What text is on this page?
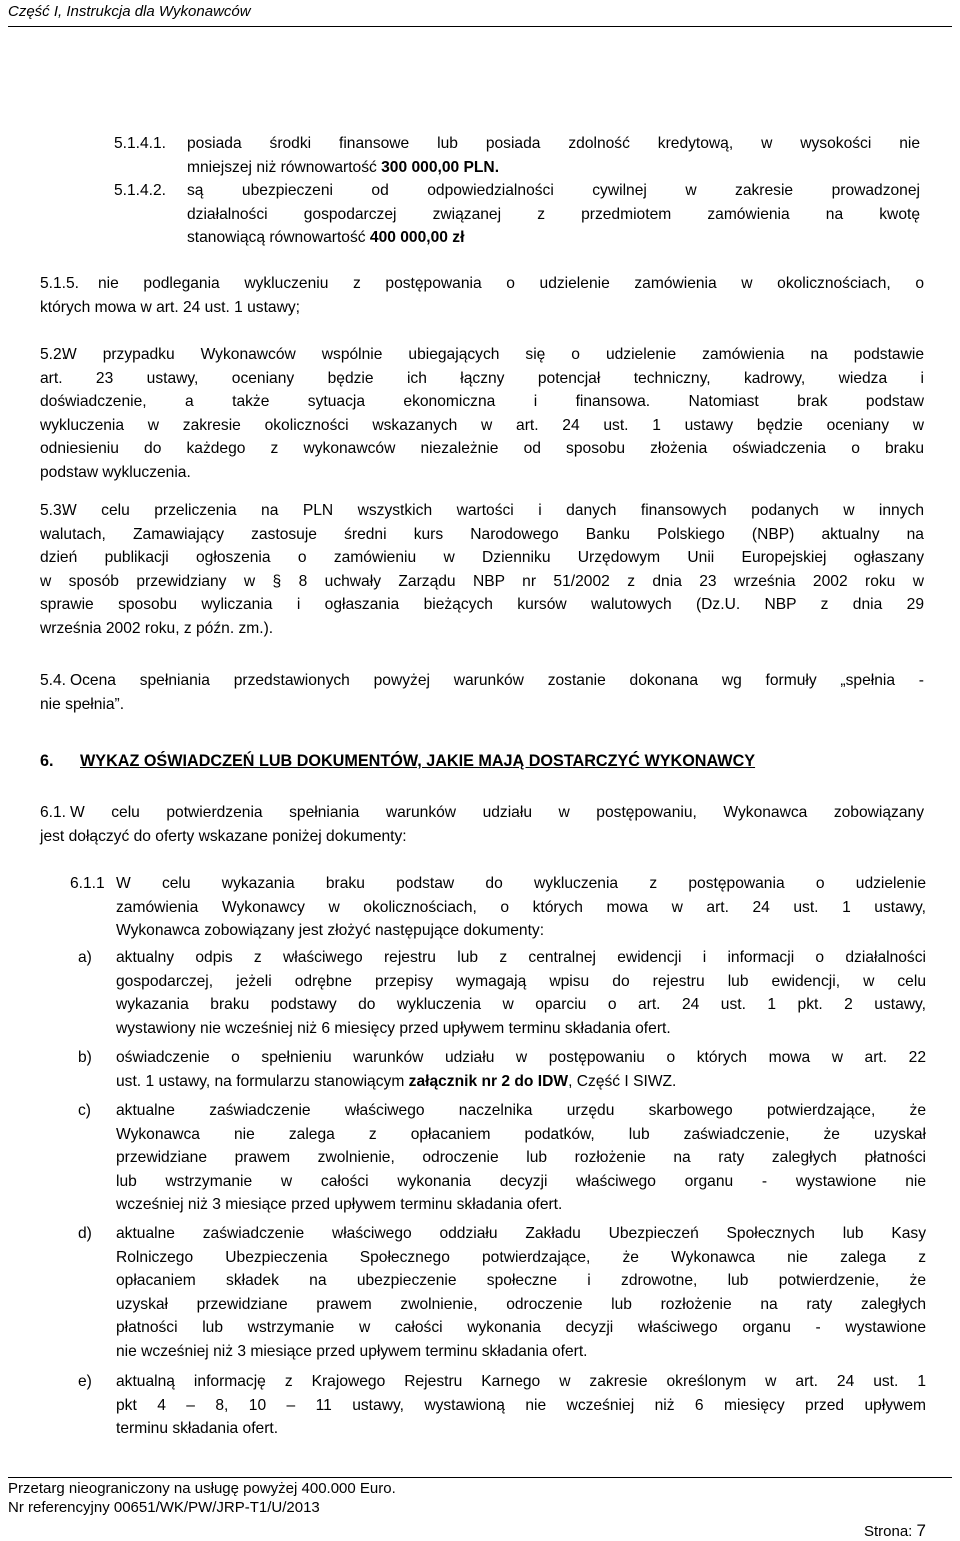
Część I, Instrukcja dla Wykonawców
5.1.4.1. posiada środki finansowe lub posiada zdolność kredytową, w wysokości nie
mniejszej niż równowartość 300 000,00 PLN.
5.1.4.2. są ubezpieczeni od odpowiedzialności cywilnej w zakresie prowadzonej
działalności gospodarczej związanej z przedmiotem zamówienia na kwotę
stanowiącą równowartość 400 000,00 zł
5.1.5.	nie podlegania wykluczeniu z postępowania o udzielenie zamówienia w okolicznościach, o
których mowa w art. 24 ust. 1 ustawy;
5.2.
W przypadku Wykonawców wspólnie ubiegających się o udzielenie zamówienia na podstawie
art. 23 ustawy, oceniany będzie ich łączny potencjał techniczny, kadrowy, wiedza i
doświadczenie, a także sytuacja ekonomiczna i finansowa. Natomiast brak podstaw
wykluczenia w zakresie okoliczności wskazanych w art. 24 ust. 1 ustawy będzie oceniany w
odniesieniu do każdego z wykonawców niezależnie od sposobu złożenia oświadczenia o braku
podstaw wykluczenia.
5.3.
W celu przeliczenia na PLN wszystkich wartości i danych finansowych podanych w innych
walutach, Zamawiający zastosuje średni kurs Narodowego Banku Polskiego (NBP) aktualny na
dzień publikacji ogłoszenia o zamówieniu w Dzienniku Urzędowym Unii Europejskiej ogłaszany
w sposób przewidziany w § 8 uchwały Zarządu NBP nr 51/2002 z dnia 23 września 2002 roku w
sprawie sposobu wyliczania i ogłaszania bieżących kursów walutowych (Dz.U. NBP z dnia 29
września 2002 roku, z późn. zm.).
5.4. Ocena spełniania przedstawionych powyżej warunków zostanie dokonana wg formuły „spełnia -
nie spełnia”.
6. WYKAZ OŚWIADCZEŃ LUB DOKUMENTÓW, JAKIE MAJĄ DOSTARCZYĆ WYKONAWCY
6.1. W celu potwierdzenia spełniania warunków udziału w postępowaniu, Wykonawca zobowiązany
jest dołączyć do oferty wskazane poniżej dokumenty:
6.1.1 W celu wykazania braku podstaw do wykluczenia z postępowania o udzielenie
zamówienia Wykonawcy w okolicznościach, o których mowa w art. 24 ust. 1 ustawy,
Wykonawca zobowiązany jest złożyć następujące dokumenty:
a) aktualny odpis z właściwego rejestru lub z centralnej ewidencji i informacji o działalności
gospodarczej, jeżeli odrębne przepisy wymagają wpisu do rejestru lub ewidencji, w celu
wykazania braku podstawy do wykluczenia w oparciu o art. 24 ust. 1 pkt. 2 ustawy,
wystawiony nie wcześniej niż 6 miesięcy przed upływem terminu składania ofert.
b) oświadczenie o spełnieniu warunków udziału w postępowaniu o których mowa w art. 22
ust. 1 ustawy, na formularzu stanowiącym załącznik nr 2 do IDW, Część I SIWZ.
c) aktualne zaświadczenie właściwego naczelnika urzędu skarbowego potwierdzające, że
Wykonawca nie zalega z opłacaniem podatków, lub zaświadczenie, że uzyskał
przewidziane prawem zwolnienie, odroczenie lub rozłożenie na raty zaległych płatności
lub wstrzymanie w całości wykonania decyzji właściwego organu - wystawione nie
wcześniej niż 3 miesiące przed upływem terminu składania ofert.
d) aktualne zaświadczenie właściwego oddziału Zakładu Ubezpieczeń Społecznych lub Kasy
Rolniczego Ubezpieczenia Społecznego potwierdzające, że Wykonawca nie zalega z
opłacaniem składek na ubezpieczenie społeczne i zdrowotne, lub potwierdzenie, że
uzyskał przewidziane prawem zwolnienie, odroczenie lub rozłożenie na raty zaległych
płatności lub wstrzymanie w całości wykonania decyzji właściwego organu - wystawione
nie wcześniej niż 3 miesiące przed upływem terminu składania ofert.
e) aktualną informację z Krajowego Rejestru Karnego w zakresie określonym w art. 24 ust. 1
pkt 4 – 8, 10 – 11 ustawy, wystawioną nie wcześniej niż 6 miesięcy przed upływem
terminu składania ofert.
Przetarg nieograniczony na usługę powyżej 400.000 Euro.
Nr referencyjny 00651/WK/PW/JRP-T1/U/2013
Strona: 7
